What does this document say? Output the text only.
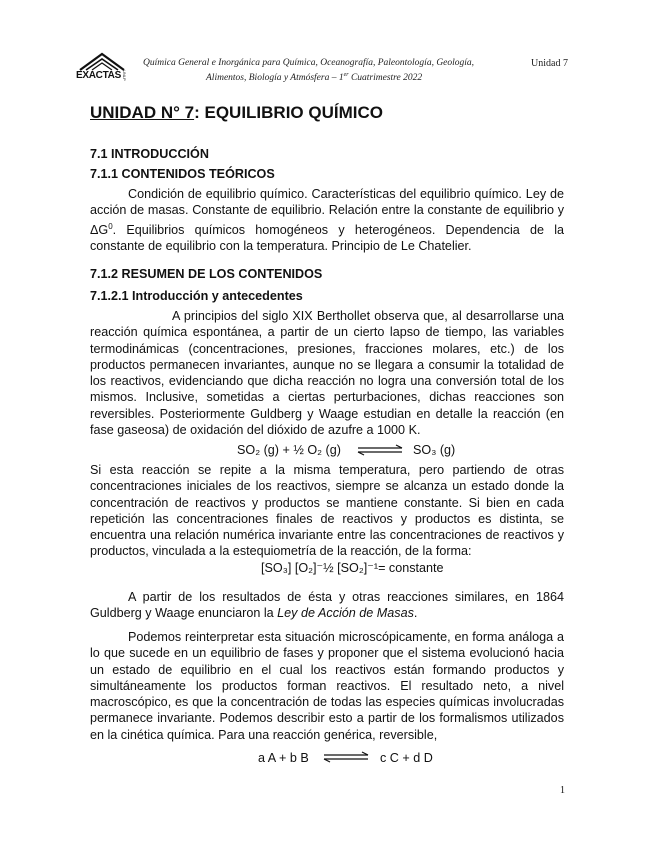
EXACTAS UNLP
Química General e Inorgánica para Química, Oceanografía, Paleontología, Geología,
Alimentos, Biología y Atmósfera – 1er Cuatrimestre 2022
Unidad 7
UNIDAD N° 7: EQUILIBRIO QUÍMICO
7.1 INTRODUCCIÓN
7.1.1 CONTENIDOS TEÓRICOS
Condición de equilibrio químico. Características del equilibrio químico. Ley de acción de masas. Constante de equilibrio. Relación entre la constante de equilibrio y $\Delta G^0$. Equilibrios químicos homogéneos y heterogéneos. Dependencia de la constante de equilibrio con la temperatura. Principio de Le Chatelier.
7.1.2 RESUMEN DE LOS CONTENIDOS
7.1.2.1 Introducción y antecedentes
A principios del siglo XIX Berthollet observa que, al desarrollarse una reacción química espontánea, a partir de un cierto lapso de tiempo, las variables termodinámicas (concentraciones, presiones, fracciones molares, etc.) de los productos permanecen invariantes, aunque no se llegara a consumir la totalidad de los reactivos, evidenciando que dicha reacción no logra una conversión total de los mismos. Inclusive, sometidas a ciertas perturbaciones, dichas reacciones son reversibles. Posteriormente Guldberg y Waage estudian en detalle la reacción (en fase gaseosa) de oxidación del dióxido de azufre a 1000 K.
SO₂ (g) + ½ O₂ (g) ⇌ SO₃ (g)
Si esta reacción se repite a la misma temperatura, pero partiendo de otras concentraciones iniciales de los reactivos, siempre se alcanza un estado donde la concentración de reactivos y productos se mantiene constante. Si bien en cada repetición las concentraciones finales de reactivos y productos es distinta, se encuentra una relación numérica invariante entre las concentraciones de reactivos y productos, vinculada a la estequiometría de la reacción, de la forma:
[SO₃] [O₂]⁻½ [SO₂]⁻¹= constante
A partir de los resultados de ésta y otras reacciones similares, en 1864 Guldberg y Waage enunciaron la Ley de Acción de Masas.
Podemos reinterpretar esta situación microscópicamente, en forma análoga a lo que sucede en un equilibrio de fases y proponer que el sistema evolucionó hacia un estado de equilibrio en el cual los reactivos están formando productos y simultáneamente los productos forman reactivos. El resultado neto, a nivel macroscópico, es que la concentración de todas las especies químicas involucradas permanece invariante. Podemos describir esto a partir de los formalismos utilizados en la cinética química. Para una reacción genérica, reversible,
a A + b B ⇌ c C + d D
1
